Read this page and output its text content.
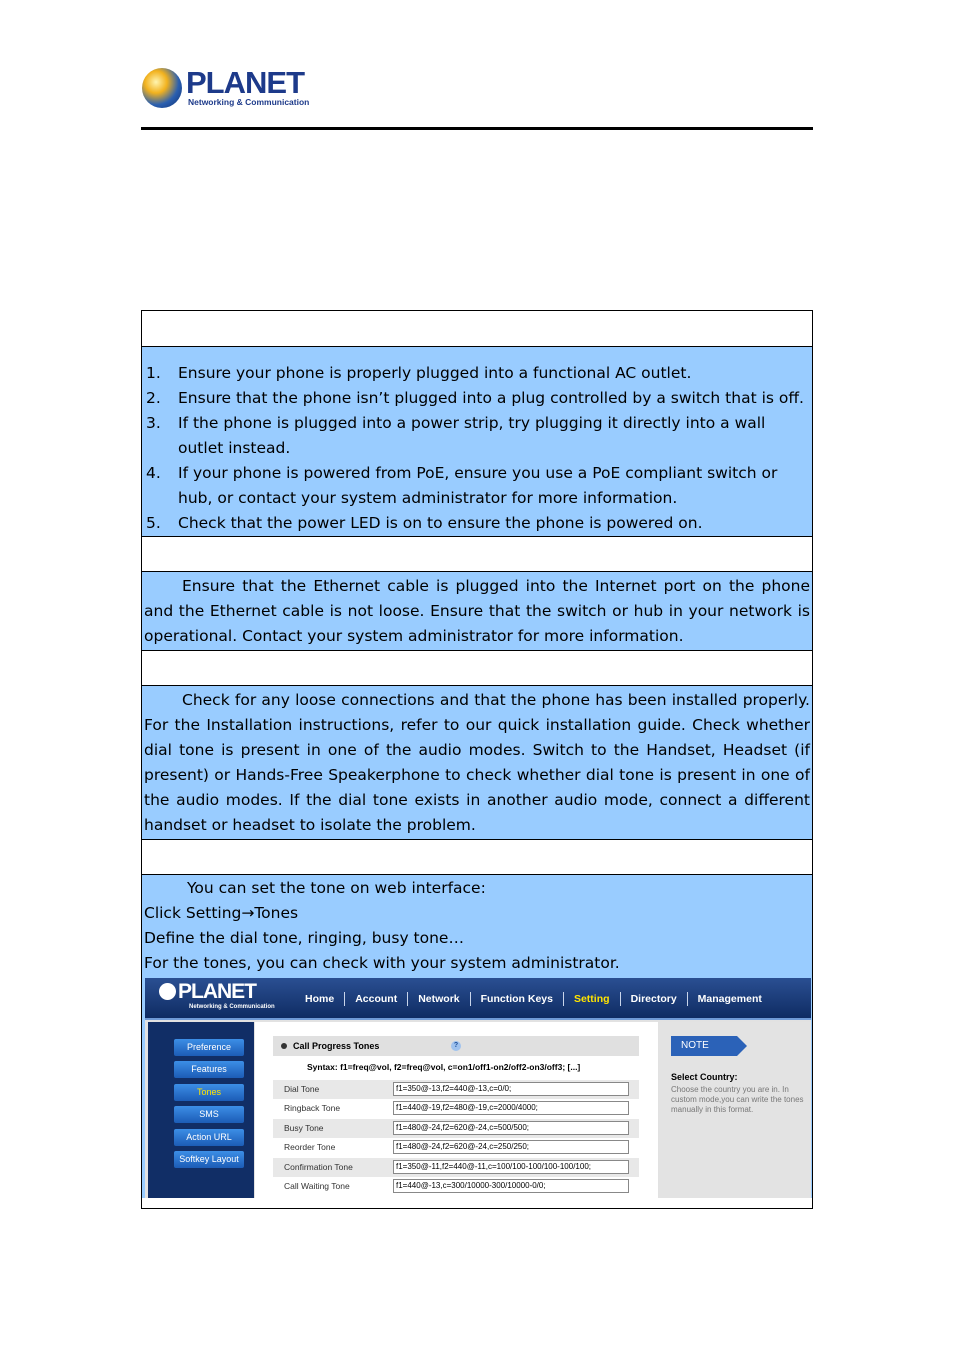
PLANET
Networking & Communication
1. Ensure your phone is properly plugged into a functional AC outlet.
2. Ensure that the phone isn’t plugged into a plug controlled by a switch that is off.
3. If the phone is plugged into a power strip, try plugging it directly into a wall outlet instead.
4. If your phone is powered from PoE, ensure you use a PoE compliant switch or hub, or contact your system administrator for more information.
5. Check that the power LED is on to ensure the phone is powered on.

Ensure that the Ethernet cable is plugged into the Internet port on the phone and the Ethernet cable is not loose. Ensure that the switch or hub in your network is operational. Contact your system administrator for more information.

Check for any loose connections and that the phone has been installed properly. For the Installation instructions, refer to our quick installation guide. Check whether dial tone is present in one of the audio modes. Switch to the Handset, Headset (if present) or Hands-Free Speakerphone to check whether dial tone is present in one of the audio modes. If the dial tone exists in another audio mode, connect a different handset or headset to isolate the problem.

You can set the tone on web interface:
Click Setting→Tones
Define the dial tone, ringing, busy tone…
For the tones, you can check with your system administrator.
PLANET
Networking & Communication
Home	Account	Network	Function Keys	Setting	Directory	Management
Preference
Features
Tones
SMS
Action URL
Softkey Layout
Call Progress Tones	?
Syntax: f1=freq@vol, f2=freq@vol, c=on1/off1-on2/off2-on3/off3; [...]
Dial Tone	f1=350@-13,f2=440@-13,c=0/0;
Ringback Tone	f1=440@-19,f2=480@-19,c=2000/4000;
Busy Tone	f1=480@-24,f2=620@-24,c=500/500;
Reorder Tone	f1=480@-24,f2=620@-24,c=250/250;
Confirmation Tone	f1=350@-11,f2=440@-11,c=100/100-100/100-100/100;
Call Waiting Tone	f1=440@-13,c=300/10000-300/10000-0/0;
NOTE
Select Country:
Choose the country you are in. In custom mode,you can write the tones manually in this format.
